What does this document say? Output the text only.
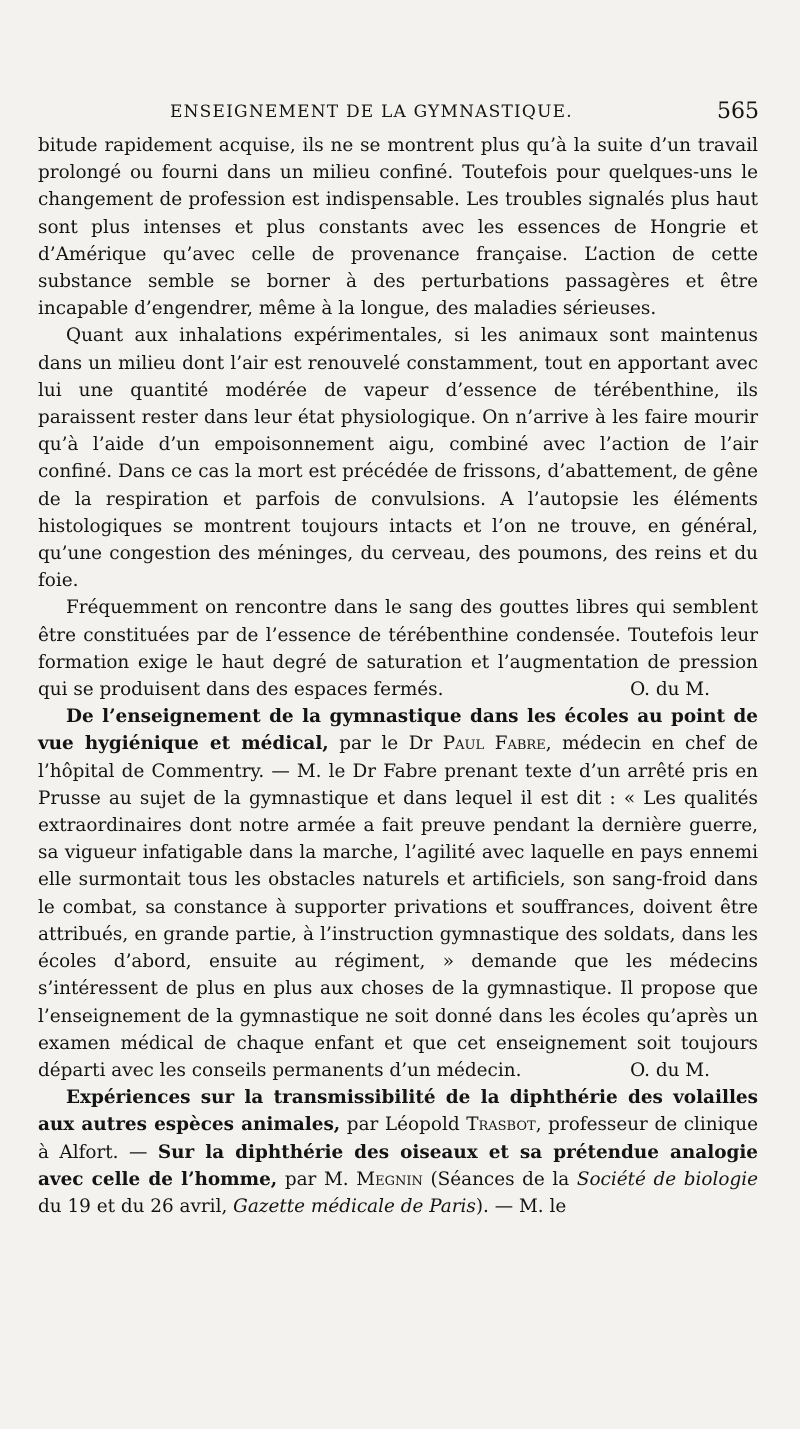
ENSEIGNEMENT DE LA GYMNASTIQUE.	565

bitude rapidement acquise, ils ne se montrent plus qu’à la suite d’un travail prolongé ou fourni dans un milieu confiné. Toutefois pour quelques-uns le changement de profession est indispensable. Les troubles signalés plus haut sont plus intenses et plus constants avec les essences de Hongrie et d’Amérique qu’avec celle de provenance française. L’action de cette substance semble se borner à des perturbations passagères et être incapable d’engendrer, même à la longue, des maladies sérieuses.

Quant aux inhalations expérimentales, si les animaux sont maintenus dans un milieu dont l’air est renouvelé constamment, tout en apportant avec lui une quantité modérée de vapeur d’essence de térébenthine, ils paraissent rester dans leur état physiologique. On n’arrive à les faire mourir qu’à l’aide d’un empoisonnement aigu, combiné avec l’action de l’air confiné. Dans ce cas la mort est précédée de frissons, d’abattement, de gêne de la respiration et parfois de convulsions. A l’autopsie les éléments histologiques se montrent toujours intacts et l’on ne trouve, en général, qu’une congestion des méninges, du cerveau, des poumons, des reins et du foie.

Fréquemment on rencontre dans le sang des gouttes libres qui semblent être constituées par de l’essence de térébenthine condensée. Toutefois leur formation exige le haut degré de saturation et l’augmentation de pression qui se produisent dans des espaces fermés.	O. du M.

De l’enseignement de la gymnastique dans les écoles au point de vue hygiénique et médical, par le Dr Paul Fabre, médecin en chef de l’hôpital de Commentry. — M. le Dr Fabre prenant texte d’un arrêté pris en Prusse au sujet de la gymnastique et dans lequel il est dit : « Les qualités extraordinaires dont notre armée a fait preuve pendant la dernière guerre, sa vigueur infatigable dans la marche, l’agilité avec laquelle en pays ennemi elle surmontait tous les obstacles naturels et artificiels, son sang-froid dans le combat, sa constance à supporter privations et souffrances, doivent être attribués, en grande partie, à l’instruction gymnastique des soldats, dans les écoles d’abord, ensuite au régiment, » demande que les médecins s’intéressent de plus en plus aux choses de la gymnastique. Il propose que l’enseignement de la gymnastique ne soit donné dans les écoles qu’après un examen médical de chaque enfant et que cet enseignement soit toujours départi avec les conseils permanents d’un médecin.	O. du M.

Expériences sur la transmissibilité de la diphthérie des volailles aux autres espèces animales, par Léopold Trasbot, professeur de clinique à Alfort. — Sur la diphthérie des oiseaux et sa prétendue analogie avec celle de l’homme, par M. Megnin (Séances de la Société de biologie du 19 et du 26 avril, Gazette médicale de Paris). — M. le
